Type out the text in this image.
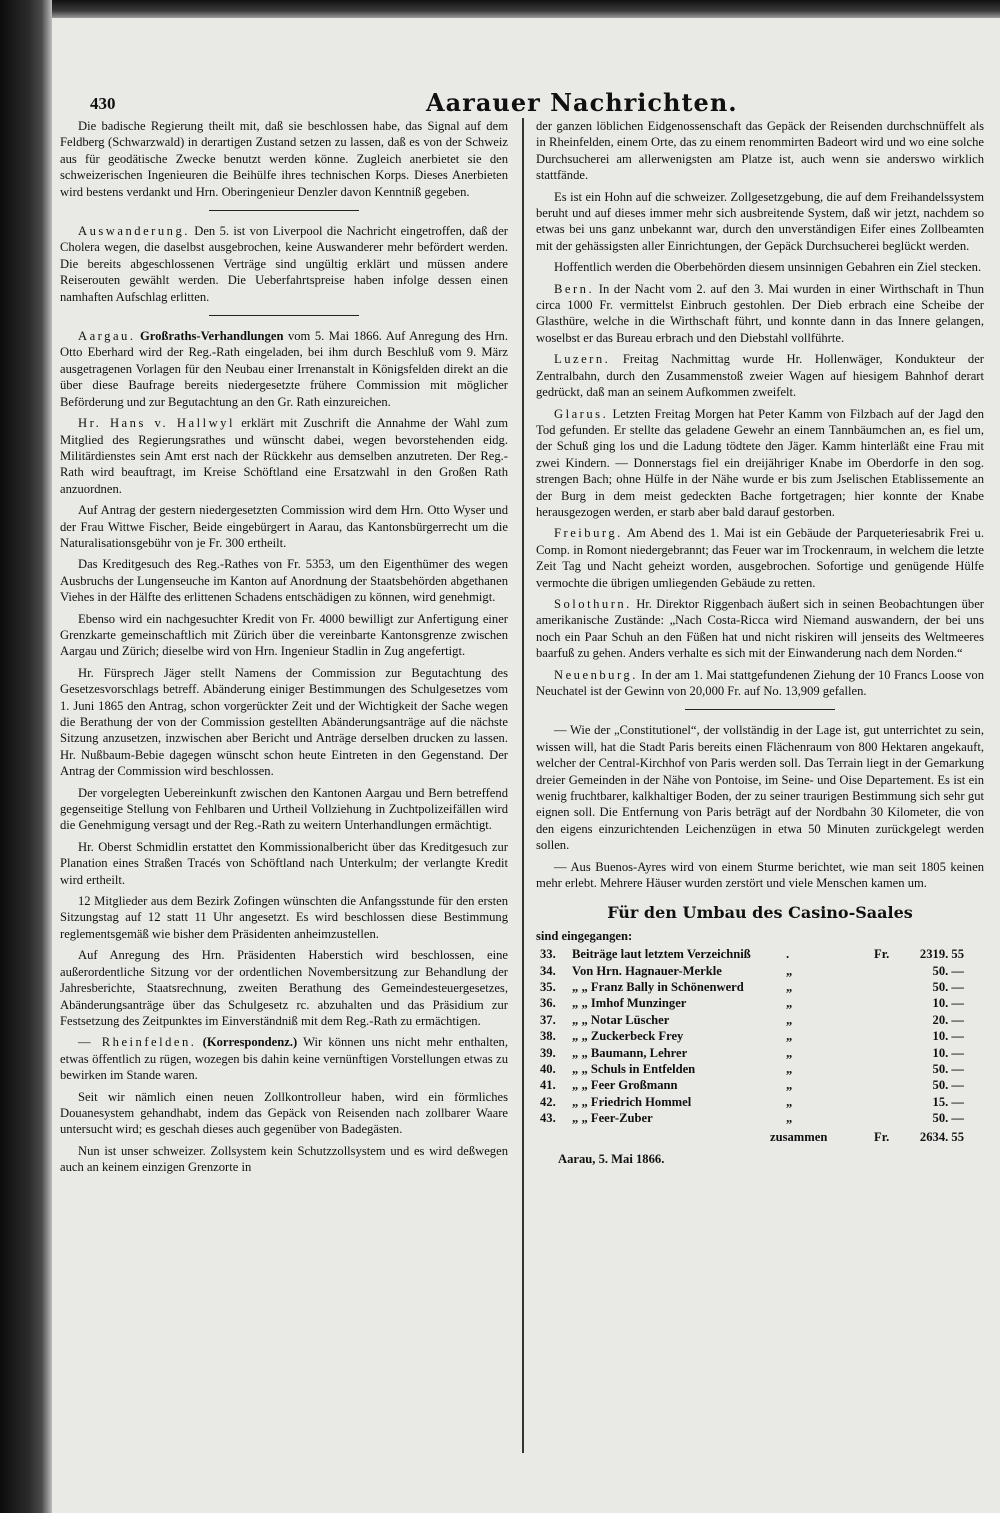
430	Aarauer Nachrichten.

Die badische Regierung theilt mit, daß sie beschlossen habe, das Signal auf dem Feldberg (Schwarzwald) in derartigen Zustand setzen zu lassen, daß es von der Schweiz aus für geodätische Zwecke benutzt werden könne. Zugleich anerbietet sie den schweizerischen Ingenieuren die Beihülfe ihres technischen Korps. Dieses Anerbieten wird bestens verdankt und Hrn. Oberingenieur Denzler davon Kenntniß gegeben.

Auswanderung. Den 5. ist von Liverpool die Nachricht eingetroffen, daß der Cholera wegen, die daselbst ausgebrochen, keine Auswanderer mehr befördert werden. Die bereits abgeschlossenen Verträge sind ungültig erklärt und müssen andere Reiserouten gewählt werden. Die Ueberfahrtspreise haben infolge dessen einen namhaften Aufschlag erlitten.

Aargau. Großraths-Verhandlungen vom 5. Mai 1866. Auf Anregung des Hrn. Otto Eberhard wird der Reg.-Rath eingeladen, bei ihm durch Beschluß vom 9. März ausgetragenen Vorlagen für den Neubau einer Irrenanstalt in Königsfelden direkt an die über diese Baufrage bereits niedergesetzte frühere Commission mit möglicher Beförderung und zur Begutachtung an den Gr. Rath einzureichen.

Hr. Hans v. Hallwyl erklärt mit Zuschrift die Annahme der Wahl zum Mitglied des Regierungsrathes und wünscht dabei, wegen bevorstehenden eidg. Militärdienstes sein Amt erst nach der Rückkehr aus demselben anzutreten. Der Reg.-Rath wird beauftragt, im Kreise Schöftland eine Ersatzwahl in den Großen Rath anzuordnen.

Auf Antrag der gestern niedergesetzten Commission wird dem Hrn. Otto Wyser und der Frau Wittwe Fischer, Beide eingebürgert in Aarau, das Kantonsbürgerrecht um die Naturalisationsgebühr von je Fr. 300 ertheilt.

Das Kreditgesuch des Reg.-Rathes von Fr. 5353, um den Eigenthümer des wegen Ausbruchs der Lungenseuche im Kanton auf Anordnung der Staatsbehörden abgethanen Viehes in der Hälfte des erlittenen Schadens entschädigen zu können, wird genehmigt.

Ebenso wird ein nachgesuchter Kredit von Fr. 4000 bewilligt zur Anfertigung einer Grenzkarte gemeinschaftlich mit Zürich über die vereinbarte Kantonsgrenze zwischen Aargau und Zürich; dieselbe wird von Hrn. Ingenieur Stadlin in Zug angefertigt.

Hr. Fürsprech Jäger stellt Namens der Commission zur Begutachtung des Gesetzesvorschlags betreff. Abänderung einiger Bestimmungen des Schulgesetzes vom 1. Juni 1865 den Antrag, schon vorgerückter Zeit und der Wichtigkeit der Sache wegen die Berathung der von der Commission gestellten Abänderungsanträge auf die nächste Sitzung anzusetzen, inzwischen aber Bericht und Anträge derselben drucken zu lassen. Hr. Nußbaum-Bebie dagegen wünscht schon heute Eintreten in den Gegenstand. Der Antrag der Commission wird beschlossen.

Der vorgelegten Uebereinkunft zwischen den Kantonen Aargau und Bern betreffend gegenseitige Stellung von Fehlbaren und Urtheil Vollziehung in Zuchtpolizeifällen wird die Genehmigung versagt und der Reg.-Rath zu weitern Unterhandlungen ermächtigt.

Hr. Oberst Schmidlin erstattet den Kommissionalbericht über das Kreditgesuch zur Planation eines Straßen Tracés von Schöftland nach Unterkulm; der verlangte Kredit wird ertheilt.

12 Mitglieder aus dem Bezirk Zofingen wünschten die Anfangsstunde für den ersten Sitzungstag auf 12 statt 11 Uhr angesetzt. Es wird beschlossen diese Bestimmung reglementsgemäß wie bisher dem Präsidenten anheimzustellen.

Auf Anregung des Hrn. Präsidenten Haberstich wird beschlossen, eine außerordentliche Sitzung vor der ordentlichen Novembersitzung zur Behandlung der Jahresberichte, Staatsrechnung, zweiten Berathung des Gemeindesteuergesetzes, Abänderungsanträge über das Schulgesetz rc. abzuhalten und das Präsidium zur Festsetzung des Zeitpunktes im Einverständniß mit dem Reg.-Rath zu ermächtigen.

— Rheinfelden. (Korrespondenz.) Wir können uns nicht mehr enthalten, etwas öffentlich zu rügen, wozegen bis dahin keine vernünftigen Vorstellungen etwas zu bewirken im Stande waren.

Seit wir nämlich einen neuen Zollkontrolleur haben, wird ein förmliches Douanesystem gehandhabt, indem das Gepäck von Reisenden nach zollbarer Waare untersucht wird; es geschah dieses auch gegenüber von Badegästen.

Nun ist unser schweizer. Zollsystem kein Schutzzollsystem und es wird deßwegen auch an keinem einzigen Grenzorte in

der ganzen löblichen Eidgenossenschaft das Gepäck der Reisenden durchschnüffelt als in Rheinfelden, einem Orte, das zu einem renommirten Badeort wird und wo eine solche Durchsucherei am allerwenigsten am Platze ist, auch wenn sie anderswo wirklich stattfände.

Es ist ein Hohn auf die schweizer. Zollgesetzgebung, die auf dem Freihandelssystem beruht und auf dieses immer mehr sich ausbreitende System, daß wir jetzt, nachdem so etwas bei uns ganz unbekannt war, durch den unverständigen Eifer eines Zollbeamten mit der gehässigsten aller Einrichtungen, der Gepäck Durchsucherei beglückt werden.

Hoffentlich werden die Oberbehörden diesem unsinnigen Gebahren ein Ziel stecken.

Bern. In der Nacht vom 2. auf den 3. Mai wurden in einer Wirthschaft in Thun circa 1000 Fr. vermittelst Einbruch gestohlen. Der Dieb erbrach eine Scheibe der Glasthüre, welche in die Wirthschaft führt, und konnte dann in das Innere gelangen, woselbst er das Bureau erbrach und den Diebstahl vollführte.

Luzern. Freitag Nachmittag wurde Hr. Hollenwäger, Kondukteur der Zentralbahn, durch den Zusammenstoß zweier Wagen auf hiesigem Bahnhof derart gedrückt, daß man an seinem Aufkommen zweifelt.

Glarus. Letzten Freitag Morgen hat Peter Kamm von Filzbach auf der Jagd den Tod gefunden. Er stellte das geladene Gewehr an einem Tannbäumchen an, es fiel um, der Schuß ging los und die Ladung tödtete den Jäger. Kamm hinterläßt eine Frau mit zwei Kindern. — Donnerstags fiel ein dreijähriger Knabe im Oberdorfe in den sog. strengen Bach; ohne Hülfe in der Nähe wurde er bis zum Jselischen Etablissemente an der Burg in dem meist gedeckten Bache fortgetragen; hier konnte der Knabe herausgezogen werden, er starb aber bald darauf gestorben.

Freiburg. Am Abend des 1. Mai ist ein Gebäude der Parqueteriesabrik Frei u. Comp. in Romont niedergebrannt; das Feuer war im Trockenraum, in welchem die letzte Zeit Tag und Nacht geheizt worden, ausgebrochen. Sofortige und genügende Hülfe vermochte die übrigen umliegenden Gebäude zu retten.

Solothurn. Hr. Direktor Riggenbach äußert sich in seinen Beobachtungen über amerikanische Zustände: „Nach Costa-Ricca wird Niemand auswandern, der bei uns noch ein Paar Schuh an den Füßen hat und nicht riskiren will jenseits des Weltmeeres baarfuß zu gehen. Anders verhalte es sich mit der Einwanderung nach dem Norden.“

Neuenburg. In der am 1. Mai stattgefundenen Ziehung der 10 Francs Loose von Neuchatel ist der Gewinn von 20,000 Fr. auf No. 13,909 gefallen.

— Wie der „Constitutionel“, der vollständig in der Lage ist, gut unterrichtet zu sein, wissen will, hat die Stadt Paris bereits einen Flächenraum von 800 Hektaren angekauft, welcher der Central-Kirchhof von Paris werden soll. Das Terrain liegt in der Gemarkung dreier Gemeinden in der Nähe von Pontoise, im Seine- und Oise Departement. Es ist ein wenig fruchtbarer, kalkhaltiger Boden, der zu seiner traurigen Bestimmung sich sehr gut eignen soll. Die Entfernung von Paris beträgt auf der Nordbahn 30 Kilometer, die von den eigens einzurichtenden Leichenzügen in etwa 50 Minuten zurückgelegt werden sollen.

— Aus Buenos-Ayres wird von einem Sturme berichtet, wie man seit 1805 keinen mehr erlebt. Mehrere Häuser wurden zerstört und viele Menschen kamen um.

Für den Umbau des Casino-Saales

sind eingegangen:

33. Beiträge laut letztem Verzeichniß	.	Fr.	2319. 55
34. Von Hrn. Hagnauer-Merkle	„	50. —
35. „ „ Franz Bally in Schönenwerd	„	50. —
36. „ „ Imhof Munzinger	„	10. —
37. „ „ Notar Lüscher	„	20. —
38. „ „ Zuckerbeck Frey	„	10. —
39. „ „ Baumann, Lehrer	„	10. —
40. „ „ Schuls in Entfelden	„	50. —
41. „ „ Feer Großmann	„	50. —
42. „ „ Friedrich Hommel	„	15. —
43. „ „ Feer-Zuber	„	50. —
zusammen	Fr.	2634. 55

Aarau, 5. Mai 1866.
